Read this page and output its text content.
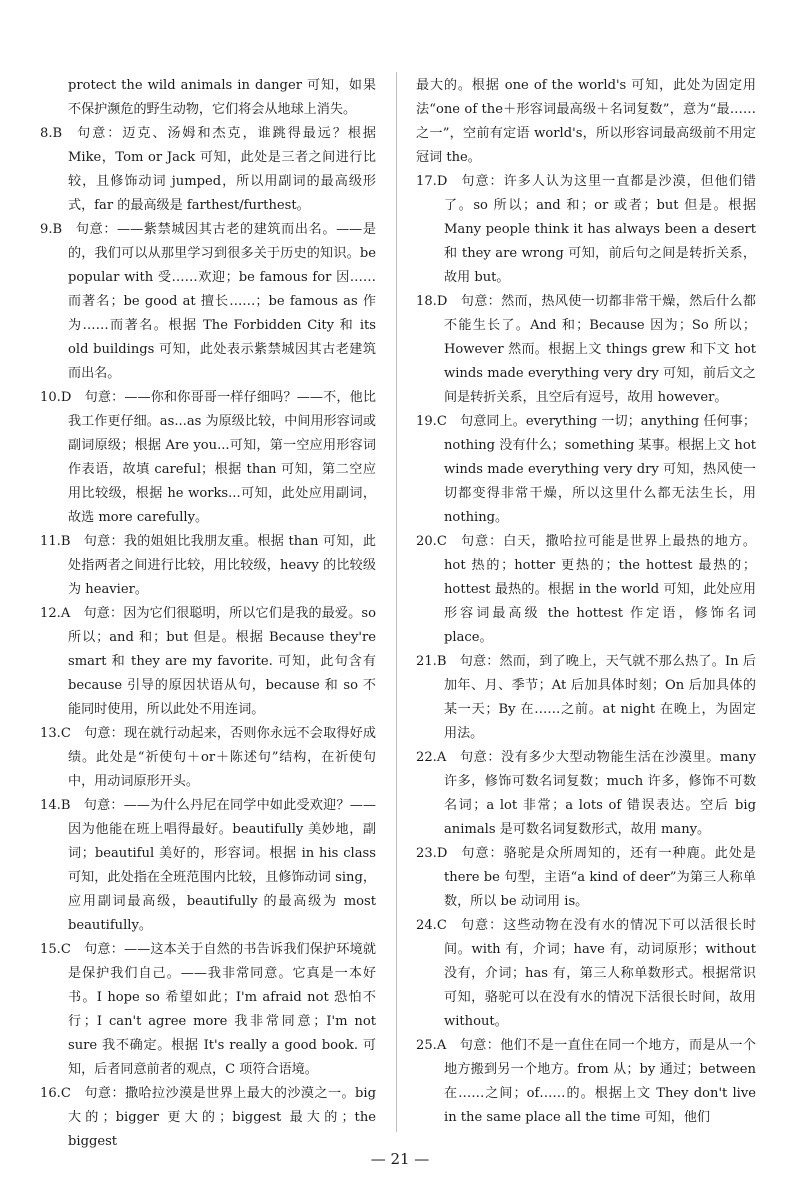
protect the wild animals in danger 可知，如果不保护濒危的野生动物，它们将会从地球上消失。

8.B  句意：迈克、汤姆和杰克，谁跳得最远？根据 Mike，Tom or Jack 可知，此处是三者之间进行比较，且修饰动词 jumped，所以用副词的最高级形式，far 的最高级是 farthest/furthest。

9.B  句意：——紫禁城因其古老的建筑而出名。——是的，我们可以从那里学习到很多关于历史的知识。be popular with 受……欢迎；be famous for 因……而著名；be good at 擅长……；be famous as 作为……而著名。根据 The Forbidden City 和 its old buildings 可知，此处表示紫禁城因其古老建筑而出名。

10.D  句意：——你和你哥哥一样仔细吗？——不，他比我工作更仔细。as...as 为原级比较，中间用形容词或副词原级；根据 Are you...可知，第一空应用形容词作表语，故填 careful；根据 than 可知，第二空应用比较级，根据 he works...可知，此处应用副词，故选 more carefully。

11.B  句意：我的姐姐比我朋友重。根据 than 可知，此处指两者之间进行比较，用比较级，heavy 的比较级为 heavier。

12.A  句意：因为它们很聪明，所以它们是我的最爱。so 所以；and 和；but 但是。根据 Because they're smart 和 they are my favorite. 可知，此句含有 because 引导的原因状语从句，because 和 so 不能同时使用，所以此处不用连词。

13.C  句意：现在就行动起来，否则你永远不会取得好成绩。此处是“祈使句＋or＋陈述句”结构，在祈使句中，用动词原形开头。

14.B  句意：——为什么丹尼在同学中如此受欢迎？——因为他能在班上唱得最好。beautifully 美妙地，副词；beautiful 美好的，形容词。根据 in his class 可知，此处指在全班范围内比较，且修饰动词 sing，应用副词最高级，beautifully 的最高级为 most beautifully。

15.C  句意：——这本关于自然的书告诉我们保护环境就是保护我们自己。——我非常同意。它真是一本好书。I hope so 希望如此；I'm afraid not 恐怕不行；I can't agree more 我非常同意；I'm not sure 我不确定。根据 It's really a good book. 可知，后者同意前者的观点，C 项符合语境。

16.C  句意：撒哈拉沙漠是世界上最大的沙漠之一。big 大的；bigger 更大的；biggest 最大的；the biggest

最大的。根据 one of the world's 可知，此处为固定用法“one of the＋形容词最高级＋名词复数”，意为“最……之一”，空前有定语 world's，所以形容词最高级前不用定冠词 the。

17.D  句意：许多人认为这里一直都是沙漠，但他们错了。so 所以；and 和；or 或者；but 但是。根据 Many people think it has always been a desert 和 they are wrong 可知，前后句之间是转折关系，故用 but。

18.D  句意：然而，热风使一切都非常干燥，然后什么都不能生长了。And 和；Because 因为；So 所以；However 然而。根据上文 things grew 和下文 hot winds made everything very dry 可知，前后文之间是转折关系，且空后有逗号，故用 however。

19.C  句意同上。everything 一切；anything 任何事；nothing 没有什么；something 某事。根据上文 hot winds made everything very dry 可知，热风使一切都变得非常干燥，所以这里什么都无法生长，用 nothing。

20.C  句意：白天，撒哈拉可能是世界上最热的地方。hot 热的；hotter 更热的；the hottest 最热的；hottest 最热的。根据 in the world 可知，此处应用形容词最高级 the hottest 作定语，修饰名词 place。

21.B  句意：然而，到了晚上，天气就不那么热了。In 后加年、月、季节；At 后加具体时刻；On 后加具体的某一天；By 在……之前。at night 在晚上，为固定用法。

22.A  句意：没有多少大型动物能生活在沙漠里。many 许多，修饰可数名词复数；much 许多，修饰不可数名词；a lot 非常；a lots of 错误表达。空后 big animals 是可数名词复数形式，故用 many。

23.D  句意：骆驼是众所周知的，还有一种鹿。此处是 there be 句型，主语“a kind of deer”为第三人称单数，所以 be 动词用 is。

24.C  句意：这些动物在没有水的情况下可以活很长时间。with 有，介词；have 有，动词原形；without 没有，介词；has 有，第三人称单数形式。根据常识可知，骆驼可以在没有水的情况下活很长时间，故用 without。

25.A  句意：他们不是一直住在同一个地方，而是从一个地方搬到另一个地方。from 从；by 通过；between 在……之间；of……的。根据上文 They don't live in the same place all the time 可知，他们

— 21 —
